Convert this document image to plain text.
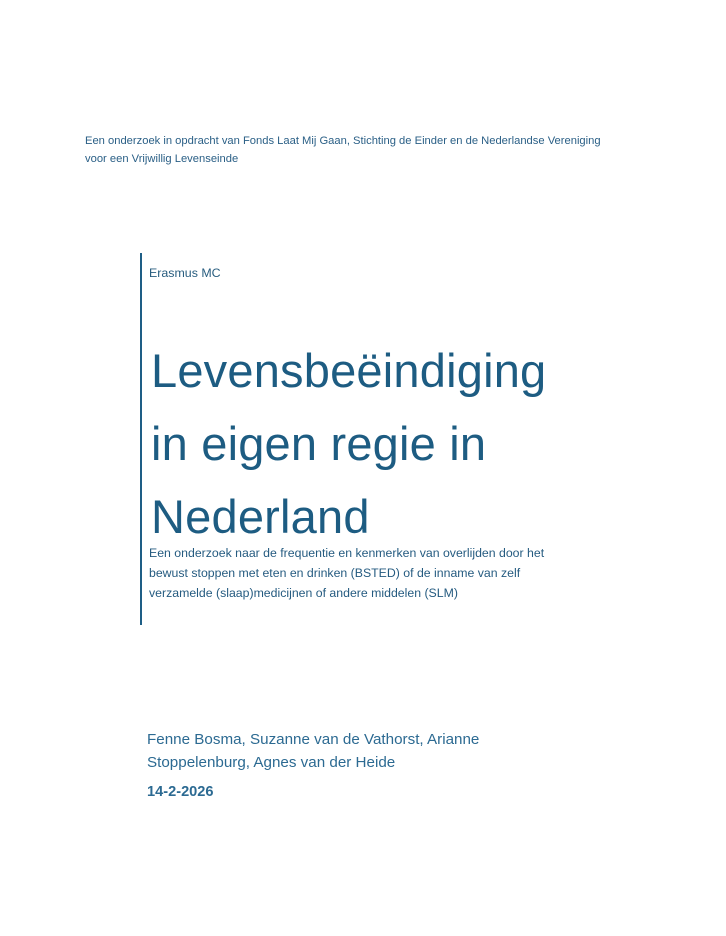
Een onderzoek in opdracht van Fonds Laat Mij Gaan, Stichting de Einder en de Nederlandse Vereniging voor een Vrijwillig Levenseinde
Erasmus MC
Levensbeëindiging
in eigen regie in
Nederland
Een onderzoek naar de frequentie en kenmerken van overlijden door het bewust stoppen met eten en drinken (BSTED) of de inname van zelf verzamelde (slaap)medicijnen of andere middelen (SLM)
Fenne Bosma, Suzanne van de Vathorst, Arianne Stoppelenburg, Agnes van der Heide
14-2-2026
